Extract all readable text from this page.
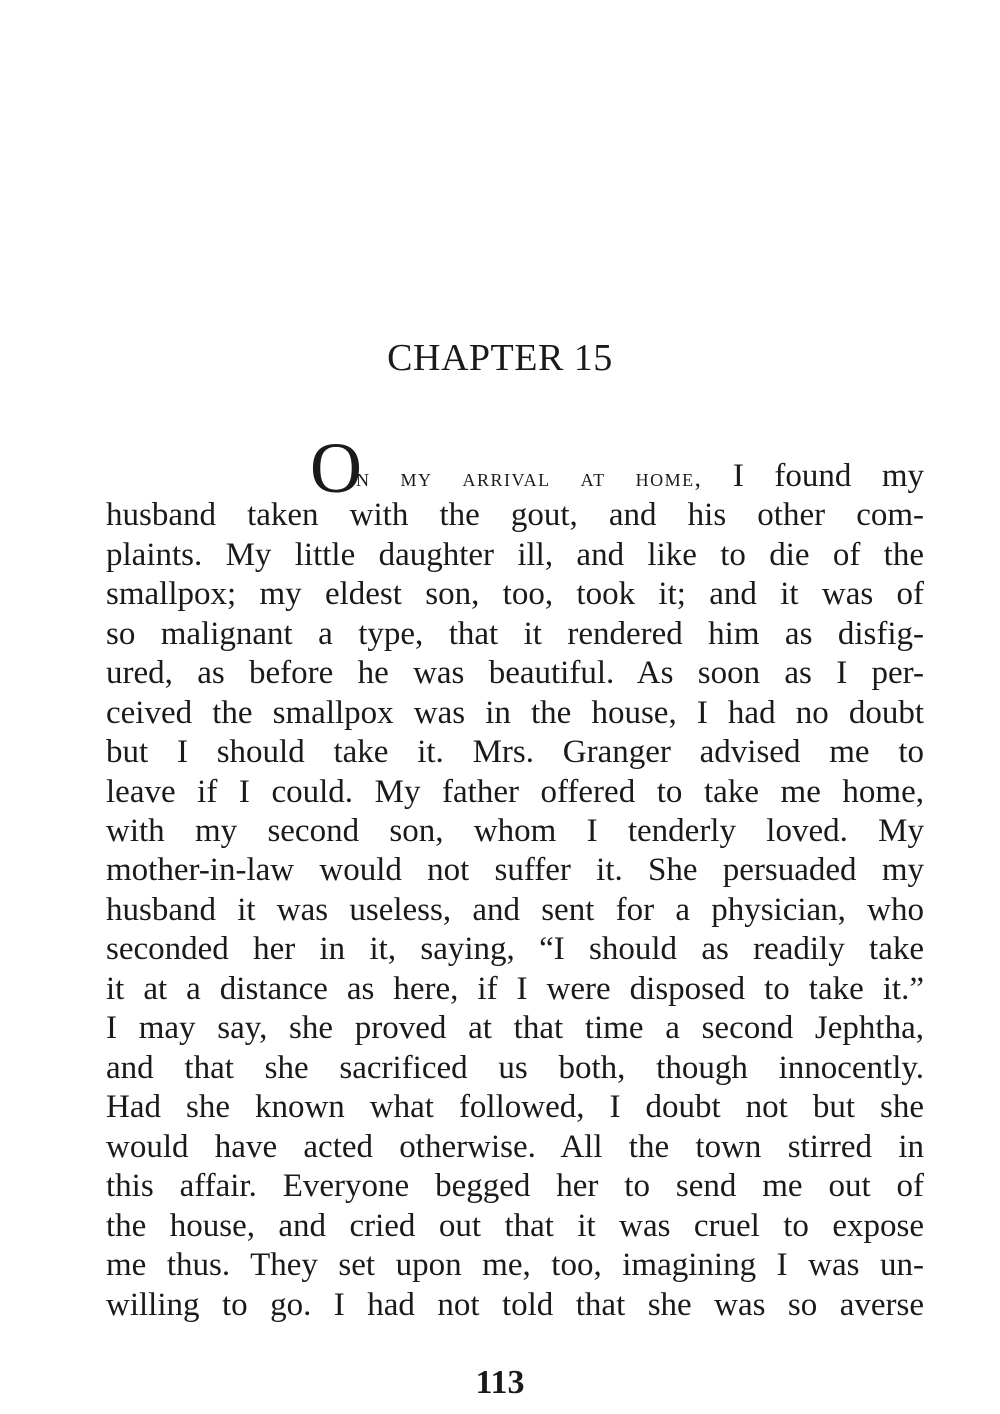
CHAPTER 15
O
n my arrival at home, I found my
husband taken with the gout, and his other com-
plaints. My little daughter ill, and like to die of the
smallpox; my eldest son, too, took it; and it was of
so malignant a type, that it rendered him as disfig-
ured, as before he was beautiful. As soon as I per-
ceived the smallpox was in the house, I had no doubt
but I should take it. Mrs. Granger advised me to
leave if I could. My father offered to take me home,
with my second son, whom I tenderly loved. My
mother-in-law would not suffer it. She persuaded my
husband it was useless, and sent for a physician, who
seconded her in it, saying, “I should as readily take
it at a distance as here, if I were disposed to take it.”
I may say, she proved at that time a second Jephtha,
and that she sacrificed us both, though innocently.
Had she known what followed, I doubt not but she
would have acted otherwise. All the town stirred in
this affair. Everyone begged her to send me out of
the house, and cried out that it was cruel to expose
me thus. They set upon me, too, imagining I was un-
willing to go. I had not told that she was so averse
113
